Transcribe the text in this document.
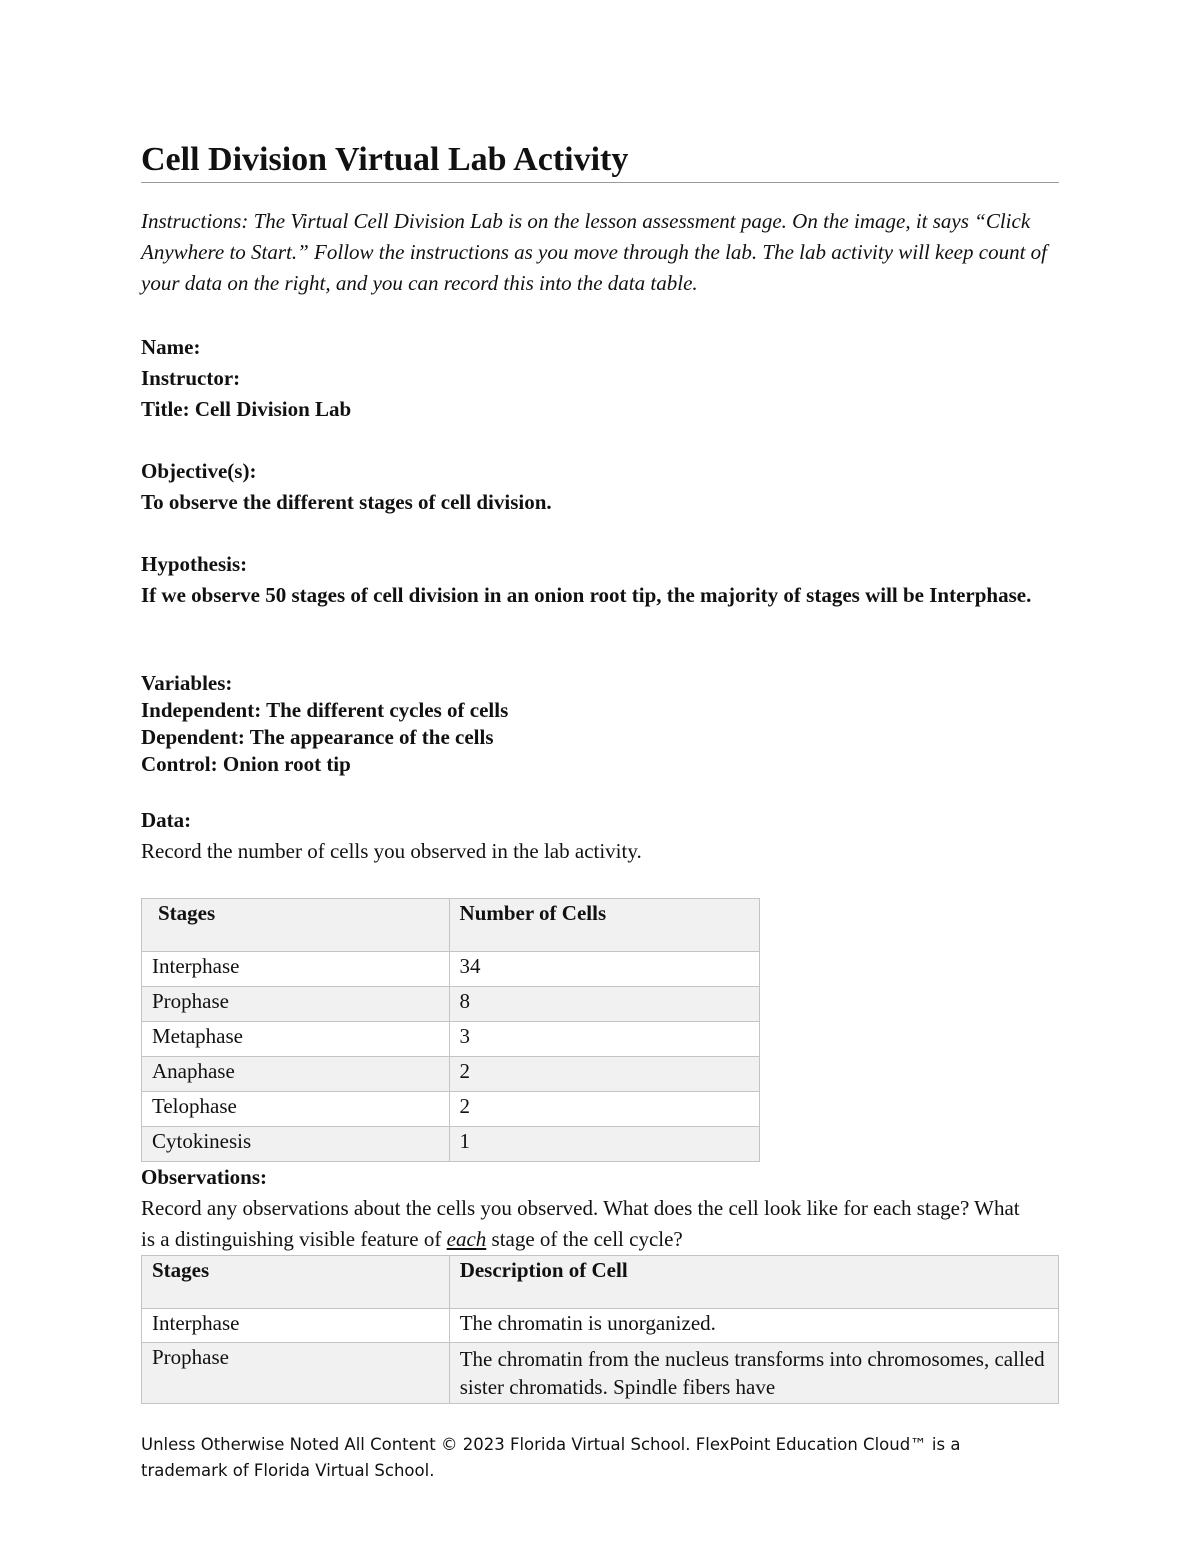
Cell Division Virtual Lab Activity
Instructions: The Virtual Cell Division Lab is on the lesson assessment page. On the image, it says “Click Anywhere to Start.” Follow the instructions as you move through the lab. The lab activity will keep count of your data on the right, and you can record this into the data table.
Name:
Instructor:
Title: Cell Division Lab
Objective(s):
To observe the different stages of cell division.
Hypothesis:
If we observe 50 stages of cell division in an onion root tip, the majority of stages will be Interphase.
Variables:
Independent: The different cycles of cells
Dependent: The appearance of the cells
Control: Onion root tip
Data:
Record the number of cells you observed in the lab activity.
Stages	Number of Cells
Interphase	34
Prophase	8
Metaphase	3
Anaphase	2
Telophase	2
Cytokinesis	1
Observations:
Record any observations about the cells you observed. What does the cell look like for each stage? What is a distinguishing visible feature of each stage of the cell cycle?
Stages	Description of Cell
Interphase	The chromatin is unorganized.
Prophase	The chromatin from the nucleus transforms into chromosomes, called sister chromatids. Spindle fibers have
Unless Otherwise Noted All Content © 2023 Florida Virtual School. FlexPoint Education Cloud™ is a trademark of Florida Virtual School.
